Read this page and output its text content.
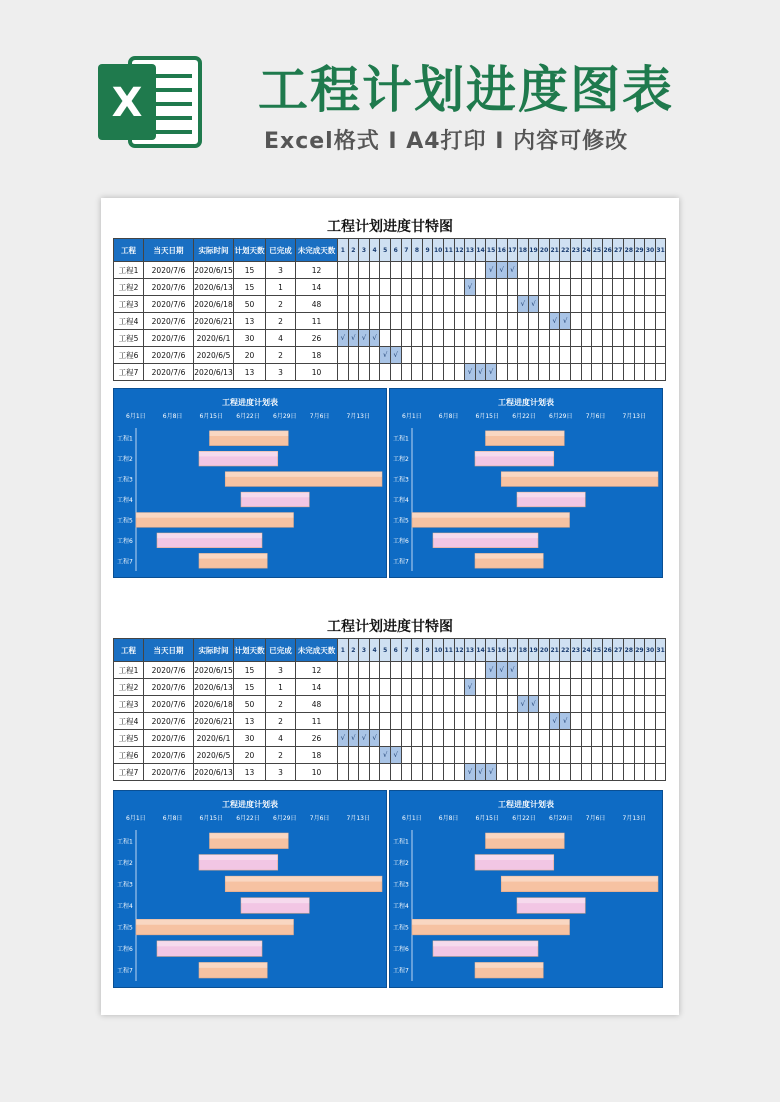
X 工程计划进度图表
Excel格式 I A4打印 I 内容可修改
工程计划进度甘特图
工程	当天日期	实际时间	计划天数	已完成	未完成天数	1	2	3	4	5	6	7	8	9	10	11	12	13	14	15	16	17	18	19	20	21	22	23	24	25	26	27	28	29	30	31
工程1	2020/7/6	2020/6/15	15	3	12															√	√	√														
工程2	2020/7/6	2020/6/13	15	1	14													√																		
工程3	2020/7/6	2020/6/18	50	2	48																		√	√												
工程4	2020/7/6	2020/6/21	13	2	11																					√	√									
工程5	2020/7/6	2020/6/1	30	4	26	√	√	√	√																											
工程6	2020/7/6	2020/6/5	20	2	18					√	√																									
工程7	2020/7/6	2020/6/13	13	3	10													√	√	√																
工程进度计划表
6月1日	6月8日	6月15日 6月22日 6月29日 7月6日	7月13日
工程1
工程2
工程3
工程4
工程5
工程6
工程7
工程进度计划表
6月1日	6月8日	6月15日 6月22日 6月29日 7月6日	7月13日
工程1
工程2
工程3
工程4
工程5
工程6
工程7
工程计划进度甘特图
工程	当天日期	实际时间	计划天数	已完成	未完成天数	1	2	3	4	5	6	7	8	9	10	11	12	13	14	15	16	17	18	19	20	21	22	23	24	25	26	27	28	29	30	31
工程1	2020/7/6	2020/6/15	15	3	12															√	√	√														
工程2	2020/7/6	2020/6/13	15	1	14													√																		
工程3	2020/7/6	2020/6/18	50	2	48																		√	√												
工程4	2020/7/6	2020/6/21	13	2	11																					√	√									
工程5	2020/7/6	2020/6/1	30	4	26	√	√	√	√																											
工程6	2020/7/6	2020/6/5	20	2	18					√	√																									
工程7	2020/7/6	2020/6/13	13	3	10													√	√	√																
工程进度计划表
6月1日	6月8日	6月15日 6月22日 6月29日 7月6日	7月13日
工程1
工程2
工程3
工程4
工程5
工程6
工程7
工程进度计划表
6月1日	6月8日	6月15日 6月22日 6月29日 7月6日	7月13日
工程1
工程2
工程3
工程4
工程5
工程6
工程7
